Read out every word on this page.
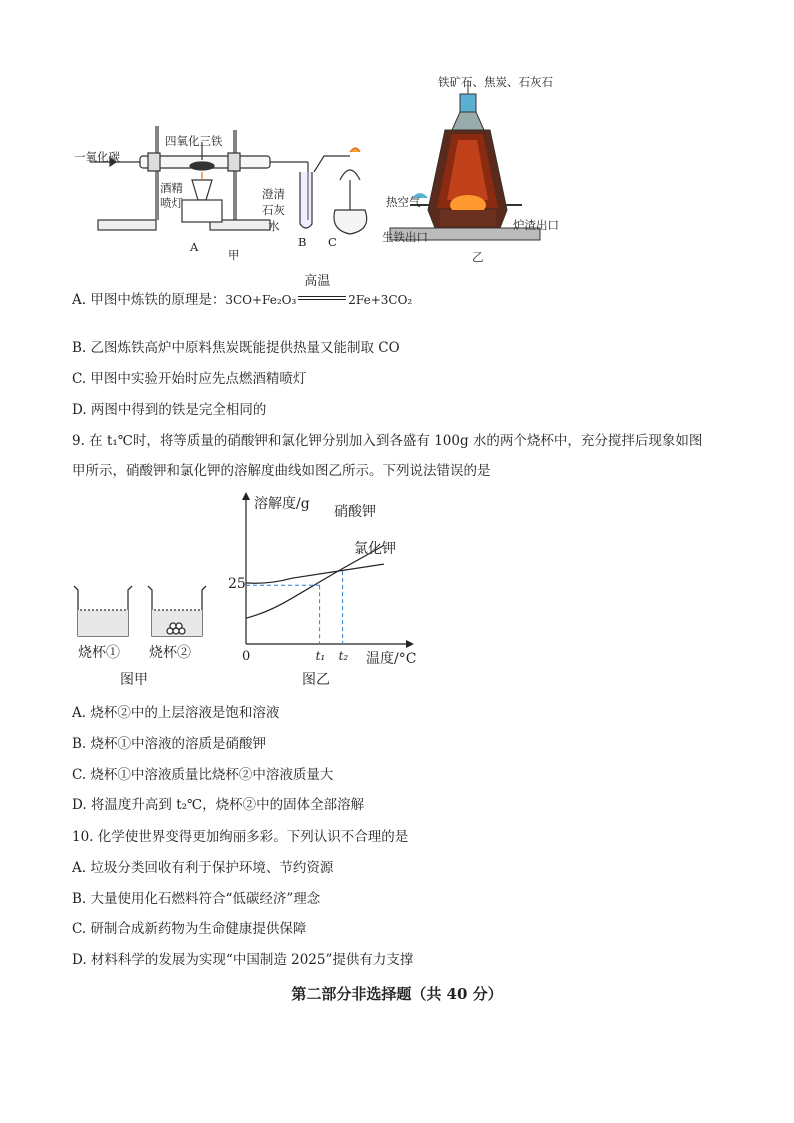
一氧化碳
四氧化三铁
酒精
喷灯
澄清
石灰
水
A	B C
甲
铁矿石、焦炭、石灰石
热空气
炉渣出口
生铁出口
乙
A. 甲图中炼铁的原理是：3CO+Fe₂O₃
高温
2Fe+3CO₂
B. 乙图炼铁高炉中原料焦炭既能提供热量又能制取 CO
C. 甲图中实验开始时应先点燃酒精喷灯
D. 两图中得到的铁是完全相同的
9. 在 t₁℃时，将等质量的硝酸钾和氯化钾分别加入到各盛有 100g 水的两个烧杯中，充分搅拌后现象如图
甲所示，硝酸钾和氯化钾的溶解度曲线如图乙所示。下列说法错误的是
烧杯① 烧杯②
图甲
溶解度/g 硝酸钾
氯化钾
25
0	t₁ t₂ 温度/°C
图乙
A. 烧杯②中的上层溶液是饱和溶液
B. 烧杯①中溶液的溶质是硝酸钾
C. 烧杯①中溶液质量比烧杯②中溶液质量大
D. 将温度升高到 t₂℃，烧杯②中的固体全部溶解
10. 化学使世界变得更加绚丽多彩。下列认识不合理的是
A. 垃圾分类回收有利于保护环境、节约资源
B. 大量使用化石燃料符合“低碳经济”理念
C. 研制合成新药物为生命健康提供保障
D. 材料科学的发展为实现“中国制造 2025”提供有力支撑
第二部分非选择题（共 40 分）
